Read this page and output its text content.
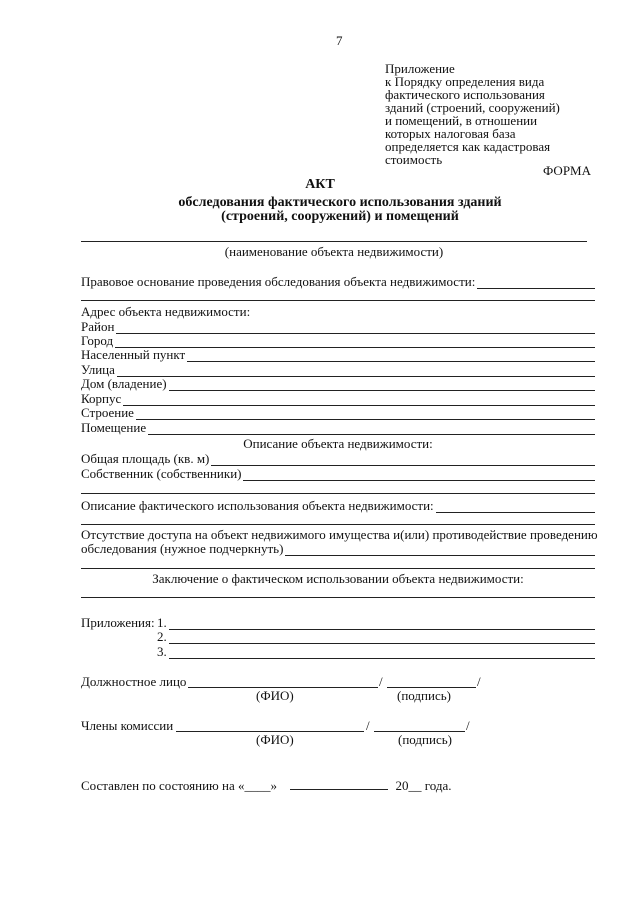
7
Приложение
к Порядку определения вида
фактического использования
зданий (строений, сооружений)
и помещений, в отношении
которых налоговая база
определяется как кадастровая
стоимость
ФОРМА
АКТ
обследования фактического использования зданий
(строений, сооружений) и помещений
(наименование объекта недвижимости)
Правовое основание проведения обследования объекта недвижимости:
Адрес объекта недвижимости:
Район
Город
Населенный пункт
Улица
Дом (владение)
Корпус
Строение
Помещение
Описание объекта недвижимости:
Общая площадь (кв. м)
Собственник (собственники)
Описание фактического использования объекта недвижимости:
Отсутствие доступа на объект недвижимого имущества и(или) противодействие проведению
обследования (нужное подчеркнуть)
Заключение о фактическом использовании объекта недвижимости:
Приложения: 1.
2.
3.
Должностное лицо	/	/
(ФИО)	(подпись)
Члены комиссии	/	/
(ФИО)	(подпись)
Составлен по состоянию на «____»	20__ года.
